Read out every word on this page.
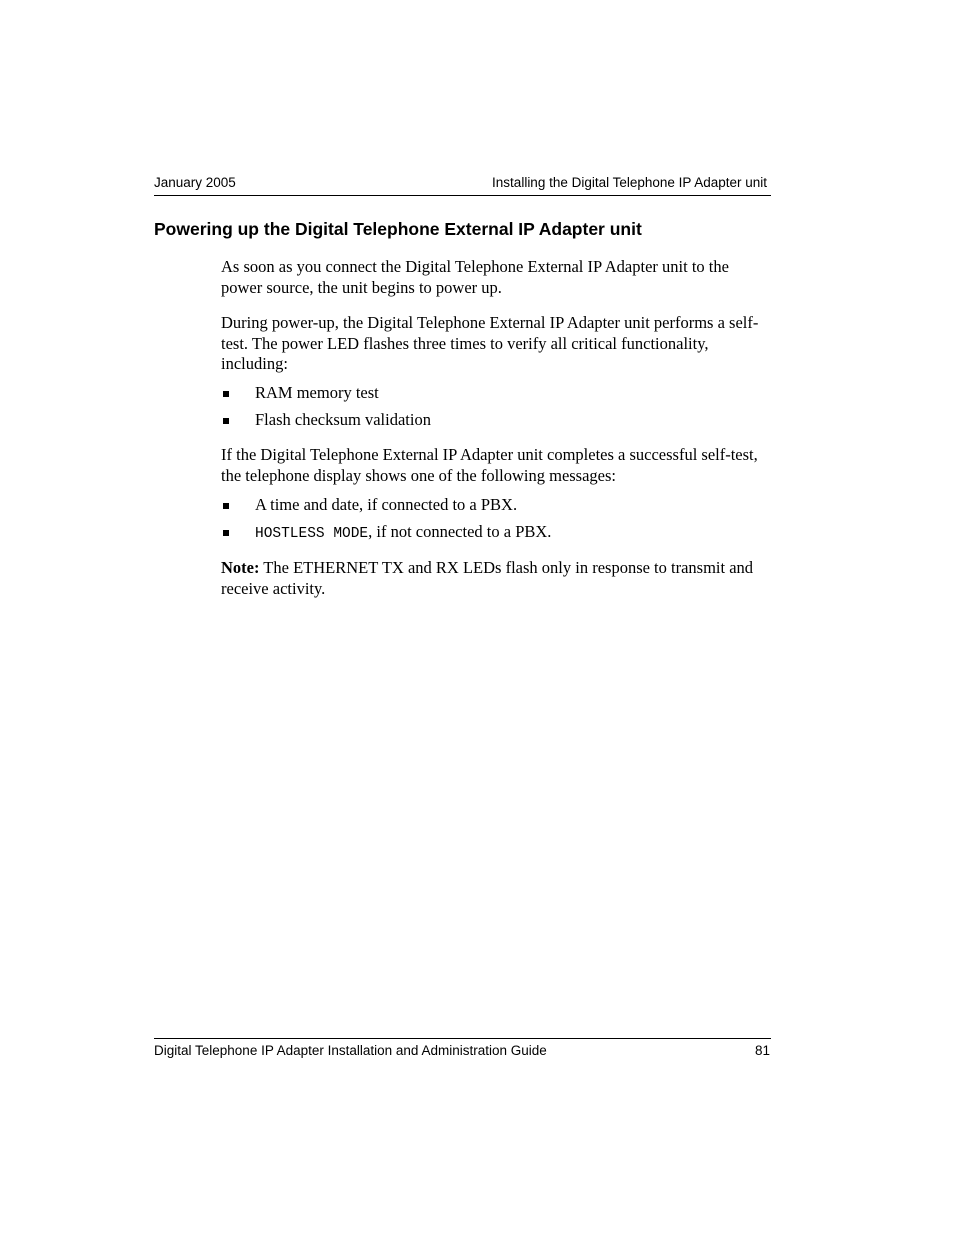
January 2005	Installing the Digital Telephone IP Adapter unit
Powering up the Digital Telephone External IP Adapter unit

As soon as you connect the Digital Telephone External IP Adapter unit to the power source, the unit begins to power up.

During power-up, the Digital Telephone External IP Adapter unit performs a self-test. The power LED flashes three times to verify all critical functionality, including:

RAM memory test
Flash checksum validation

If the Digital Telephone External IP Adapter unit completes a successful self-test, the telephone display shows one of the following messages:

A time and date, if connected to a PBX.
HOSTLESS MODE, if not connected to a PBX.

Note: The ETHERNET TX and RX LEDs flash only in response to transmit and receive activity.

Digital Telephone IP Adapter Installation and Administration Guide	81
